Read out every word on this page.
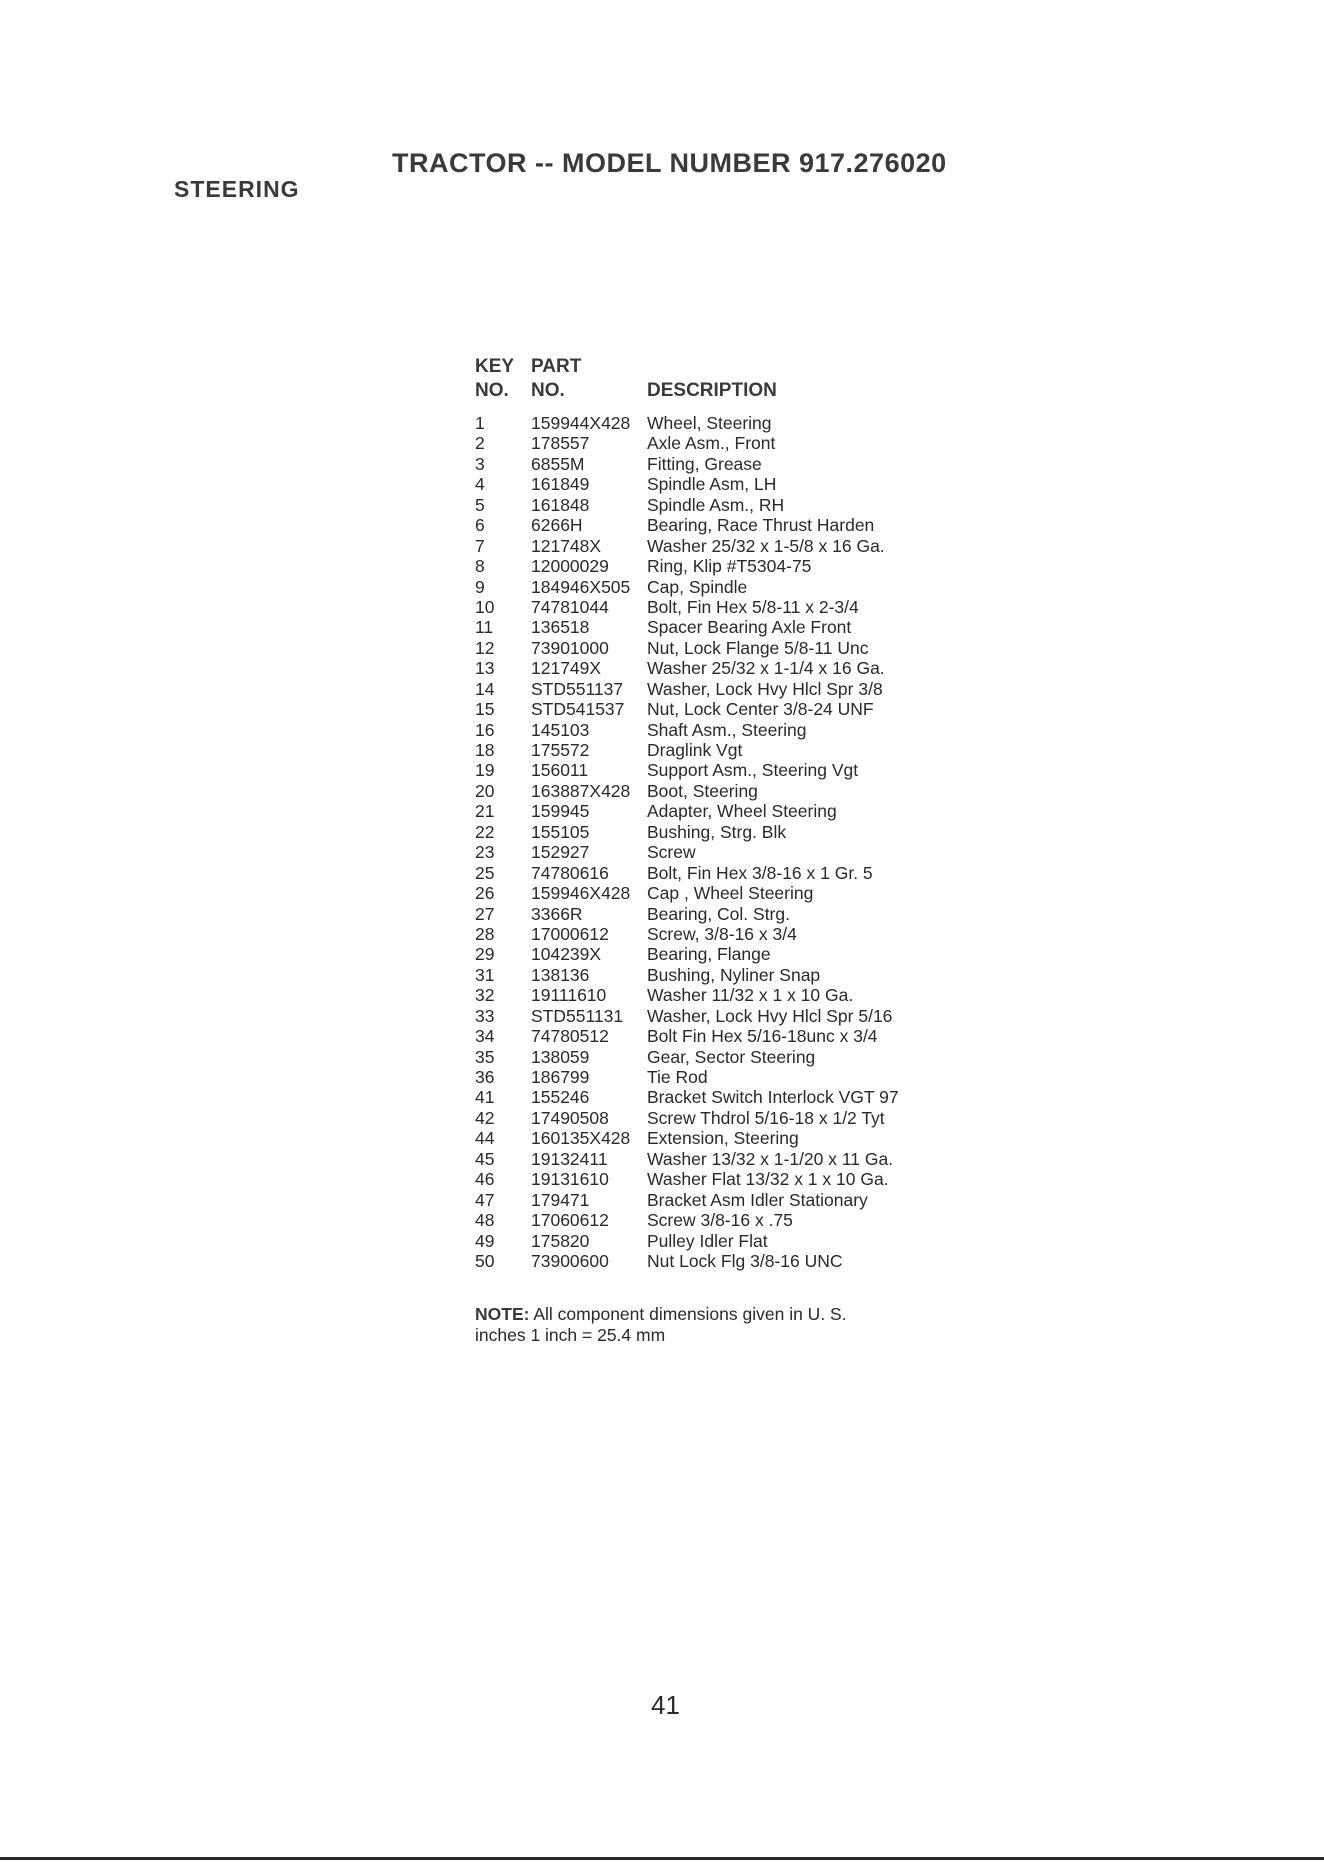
TRACTOR -- MODEL NUMBER 917.276020
STEERING
KEY PART
NO. NO.	DESCRIPTION
1	159944X428 Wheel, Steering
2	178557	Axle Asm., Front
3	6855M	Fitting, Grease
4	161849	Spindle Asm, LH
5	161848	Spindle Asm., RH
6	6266H	Bearing, Race Thrust Harden
7	121748X	Washer 25/32 x 1-5/8 x 16 Ga.
8	12000029 Ring, Klip #T5304-75
9	184946X505 Cap, Spindle
10 74781044 Bolt, Fin Hex 5/8-11 x 2-3/4
11 136518	Spacer Bearing Axle Front
12 73901000 Nut, Lock Flange 5/8-11 Unc
13 121749X	Washer 25/32 x 1-1/4 x 16 Ga.
14 STD551137 Washer, Lock Hvy Hlcl Spr 3/8
15 STD541537 Nut, Lock Center 3/8-24 UNF
16 145103	Shaft Asm., Steering
18 175572	Draglink Vgt
19 156011	Support Asm., Steering Vgt
20 163887X428 Boot, Steering
21 159945	Adapter, Wheel Steering
22 155105	Bushing, Strg. Blk
23 152927	Screw
25 74780616 Bolt, Fin Hex 3/8-16 x 1 Gr. 5
26 159946X428 Cap , Wheel Steering
27 3366R	Bearing, Col. Strg.
28 17000612 Screw, 3/8-16 x 3/4
29 104239X	Bearing, Flange
31 138136	Bushing, Nyliner Snap
32 19111610 Washer 11/32 x 1 x 10 Ga.
33 STD551131 Washer, Lock Hvy Hlcl Spr 5/16
34 74780512 Bolt Fin Hex 5/16-18unc x 3/4
35 138059	Gear, Sector Steering
36 186799	Tie Rod
41 155246	Bracket Switch Interlock VGT 97
42 17490508 Screw Thdrol 5/16-18 x 1/2 Tyt
44 160135X428 Extension, Steering
45 19132411 Washer 13/32 x 1-1/20 x 11 Ga.
46 19131610 Washer Flat 13/32 x 1 x 10 Ga.
47 179471	Bracket Asm Idler Stationary
48 17060612 Screw 3/8-16 x .75
49 175820	Pulley Idler Flat
50 73900600 Nut Lock Flg 3/8-16 UNC
NOTE: All component dimensions given in U. S.
inches 1 inch = 25.4 mm
41
